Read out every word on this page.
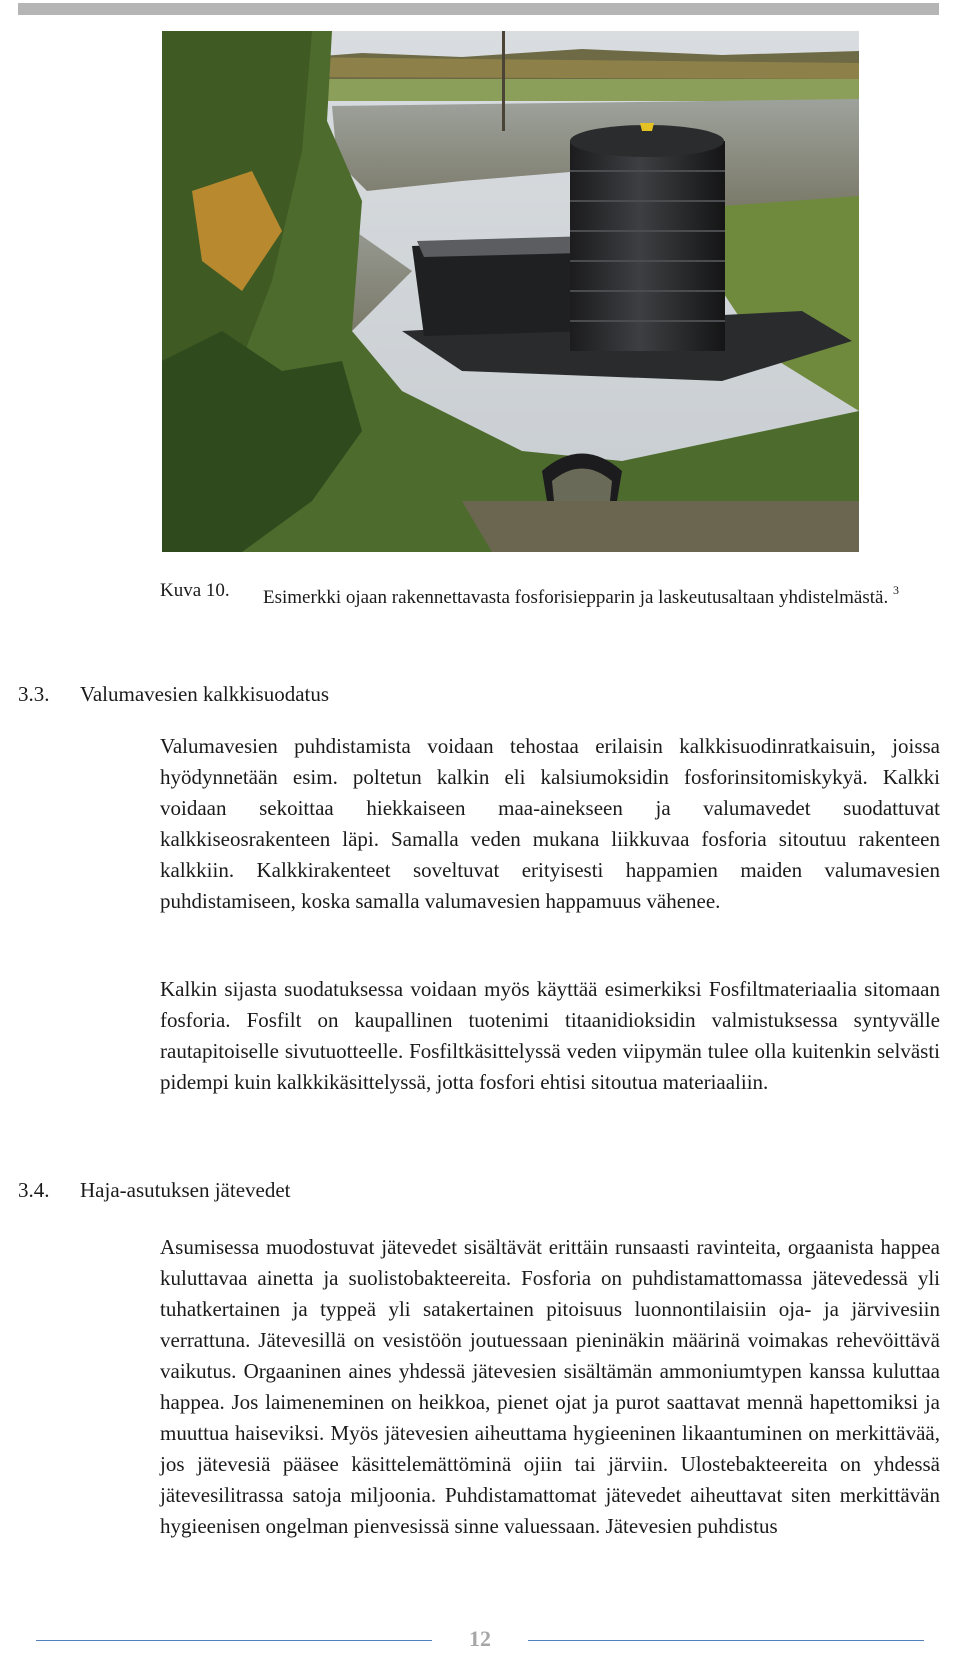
Kuva 10. Esimerkki ojaan rakennettavasta fosforisiepparin ja laskeutusaltaan yhdistelmästä. $^3$
3.3. Valumavesien kalkkisuodatus

Valumavesien puhdistamista voidaan tehostaa erilaisin kalkkisuodinratkaisuin, joissa hyödynnetään esim. poltetun kalkin eli kalsiumoksidin fosforinsitomiskykyä. Kalkki voidaan sekoittaa hiekkaiseen maa-ainekseen ja valumavedet suodattuvat kalkkiseosrakenteen läpi. Samalla veden mukana liikkuvaa fosforia sitoutuu rakenteen kalkkiin. Kalkkirakenteet soveltuvat erityisesti happamien maiden valumavesien puhdistamiseen, koska samalla valumavesien happamuus vähenee.

Kalkin sijasta suodatuksessa voidaan myös käyttää esimerkiksi Fosfiltmateriaalia sitomaan fosforia. Fosfilt on kaupallinen tuotenimi titaanidioksidin valmistuksessa syntyvälle rautapitoiselle sivutuotteelle. Fosfiltkäsittelyssä veden viipymän tulee olla kuitenkin selvästi pidempi kuin kalkkikäsittelyssä, jotta fosfori ehtisi sitoutua materiaaliin.

3.4. Haja-asutuksen jätevedet

Asumisessa muodostuvat jätevedet sisältävät erittäin runsaasti ravinteita, orgaanista happea kuluttavaa ainetta ja suolistobakteereita. Fosforia on puhdistamattomassa jätevedessä yli tuhatkertainen ja typpeä yli satakertainen pitoisuus luonnontilaisiin oja- ja järvivesiin verrattuna. Jätevesillä on vesistöön joutuessaan pieninäkin määrinä voimakas rehevöittävä vaikutus. Orgaaninen aines yhdessä jätevesien sisältämän ammoniumtypen kanssa kuluttaa happea. Jos laimeneminen on heikkoa, pienet ojat ja purot saattavat mennä hapettomiksi ja muuttua haiseviksi. Myös jätevesien aiheuttama hygieeninen likaantuminen on merkittävää, jos jätevesiä pääsee käsittelemättöminä ojiin tai järviin. Ulostebakteereita on yhdessä jätevesilitrassa satoja miljoonia. Puhdistamattomat jätevedet aiheuttavat siten merkittävän hygieenisen ongelman pienvesissä sinne valuessaan. Jätevesien puhdistus

12
